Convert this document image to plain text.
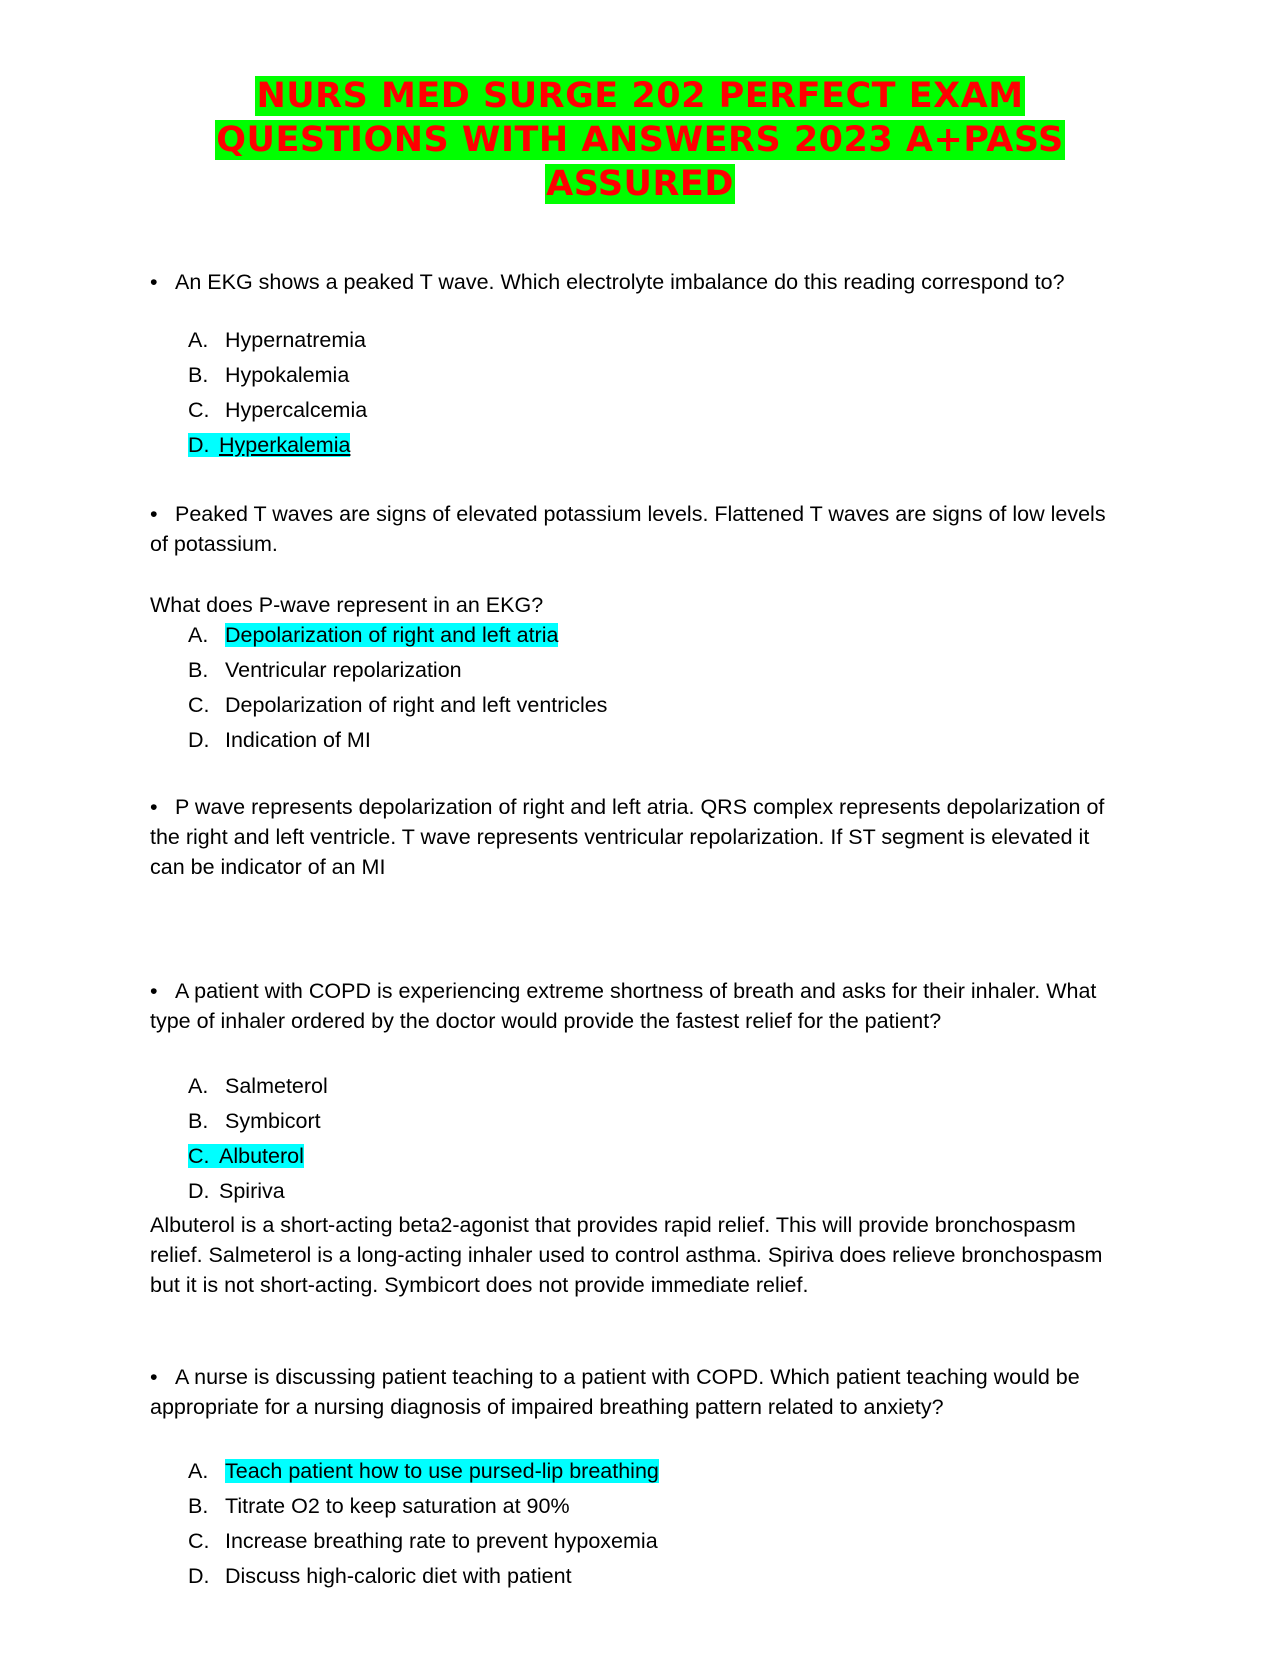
NURS MED SURGE 202 PERFECT EXAM QUESTIONS WITH ANSWERS 2023 A+PASS ASSURED
• An EKG shows a peaked T wave. Which electrolyte imbalance do this reading correspond to?
A. Hypernatremia
B. Hypokalemia
C. Hypercalcemia
D. Hyperkalemia

• Peaked T waves are signs of elevated potassium levels. Flattened T waves are signs of low levels of potassium.

What does P-wave represent in an EKG?

A. Depolarization of right and left atria
B. Ventricular repolarization
C. Depolarization of right and left ventricles
D. Indication of MI

• P wave represents depolarization of right and left atria. QRS complex represents depolarization of the right and left ventricle. T wave represents ventricular repolarization. If ST segment is elevated it can be indicator of an MI

• A patient with COPD is experiencing extreme shortness of breath and asks for their inhaler. What type of inhaler ordered by the doctor would provide the fastest relief for the patient?

A. Salmeterol
B. Symbicort
C. Albuterol
D. Spiriva

Albuterol is a short-acting beta2-agonist that provides rapid relief. This will provide bronchospasm relief. Salmeterol is a long-acting inhaler used to control asthma. Spiriva does relieve bronchospasm but it is not short-acting. Symbicort does not provide immediate relief.

• A nurse is discussing patient teaching to a patient with COPD. Which patient teaching would be appropriate for a nursing diagnosis of impaired breathing pattern related to anxiety?

A. Teach patient how to use pursed-lip breathing
B. Titrate O2 to keep saturation at 90%
C. Increase breathing rate to prevent hypoxemia
D. Discuss high-caloric diet with patient
